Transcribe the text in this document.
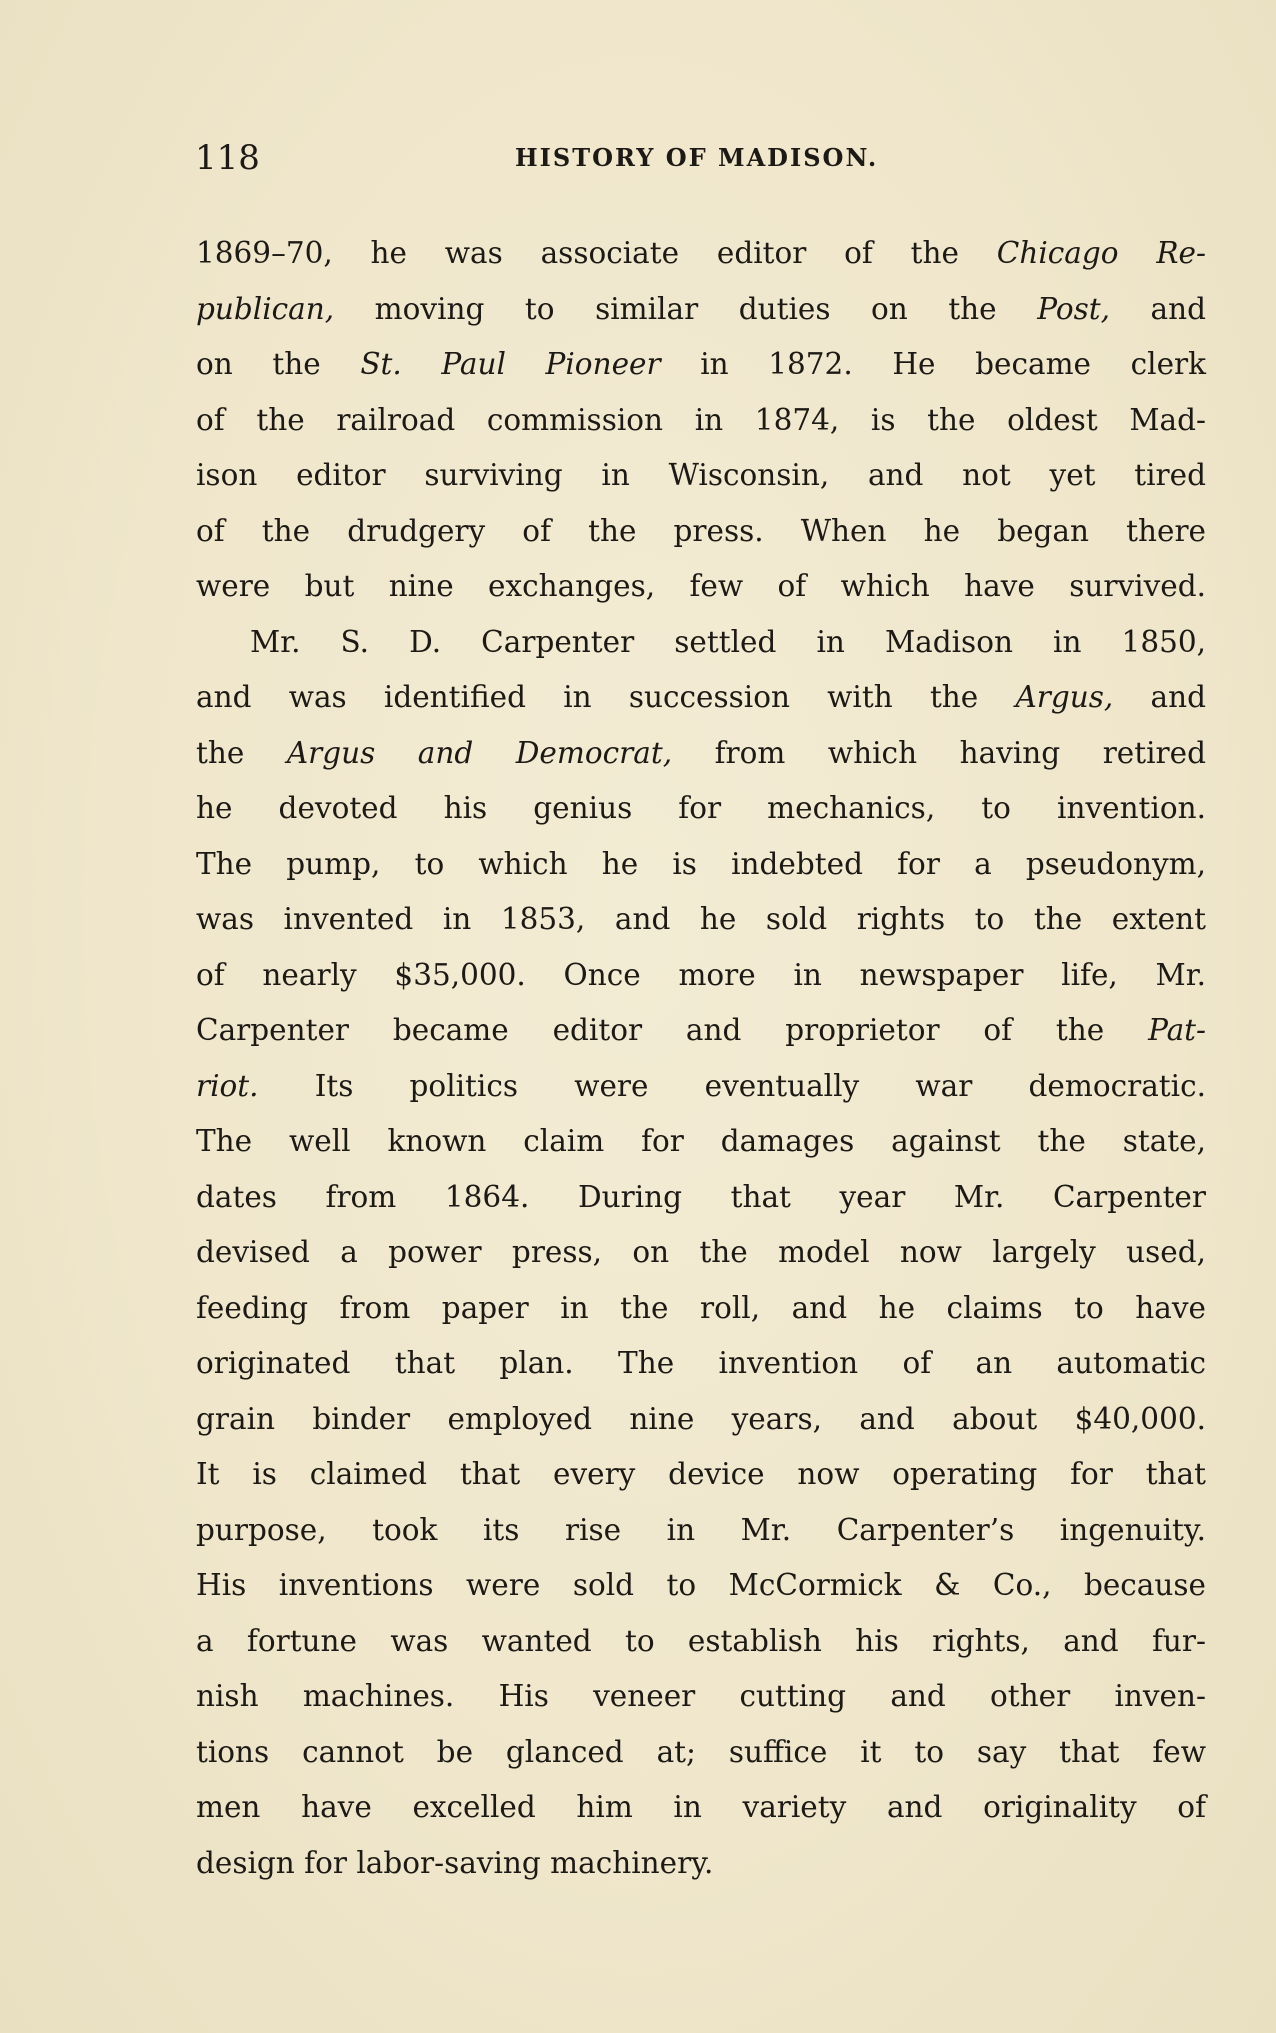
118	HISTORY OF MADISON.
1869–70, he was associate editor of the Chicago Re-
publican, moving to similar duties on the Post, and
on the St. Paul Pioneer in 1872. He became clerk
of the railroad commission in 1874, is the oldest Mad-
ison editor surviving in Wisconsin, and not yet tired
of the drudgery of the press. When he began there
were but nine exchanges, few of which have survived.
Mr. S. D. Carpenter settled in Madison in 1850,
and was identified in succession with the Argus, and
the Argus and Democrat, from which having retired
he devoted his genius for mechanics, to invention.
The pump, to which he is indebted for a pseudonym,
was invented in 1853, and he sold rights to the extent
of nearly $35,000. Once more in newspaper life, Mr.
Carpenter became editor and proprietor of the Pat-
riot. Its politics were eventually war democratic.
The well known claim for damages against the state,
dates from 1864. During that year Mr. Carpenter
devised a power press, on the model now largely used,
feeding from paper in the roll, and he claims to have
originated that plan. The invention of an automatic
grain binder employed nine years, and about $40,000.
It is claimed that every device now operating for that
purpose, took its rise in Mr. Carpenter’s ingenuity.
His inventions were sold to McCormick & Co., because
a fortune was wanted to establish his rights, and fur-
nish machines. His veneer cutting and other inven-
tions cannot be glanced at; suffice it to say that few
men have excelled him in variety and originality of
design for labor-saving machinery.
